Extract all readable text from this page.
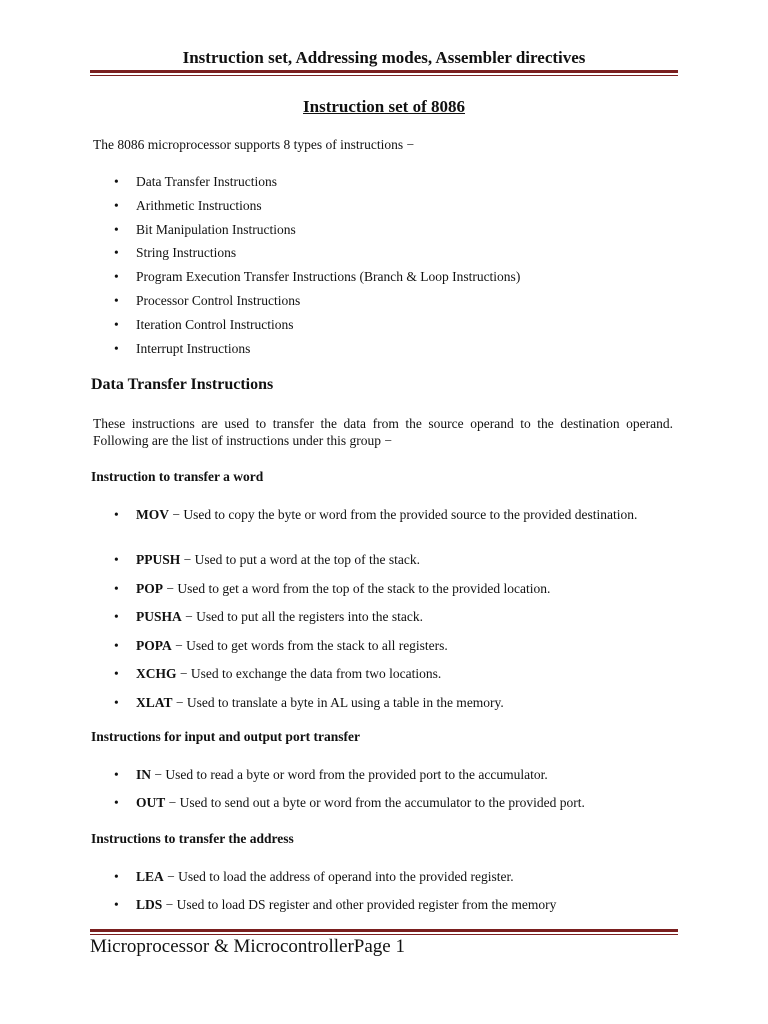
Instruction set, Addressing modes, Assembler directives
Instruction set of 8086
The 8086 microprocessor supports 8 types of instructions −
• Data Transfer Instructions
• Arithmetic Instructions
• Bit Manipulation Instructions
• String Instructions
• Program Execution Transfer Instructions (Branch & Loop Instructions)
• Processor Control Instructions
• Iteration Control Instructions
• Interrupt Instructions
Data Transfer Instructions
These instructions are used to transfer the data from the source operand to the destination operand. Following are the list of instructions under this group −
Instruction to transfer a word
• MOV − Used to copy the byte or word from the provided source to the provided destination.
• PPUSH − Used to put a word at the top of the stack.
• POP − Used to get a word from the top of the stack to the provided location.
• PUSHA − Used to put all the registers into the stack.
• POPA − Used to get words from the stack to all registers.
• XCHG − Used to exchange the data from two locations.
• XLAT − Used to translate a byte in AL using a table in the memory.
Instructions for input and output port transfer
• IN − Used to read a byte or word from the provided port to the accumulator.
• OUT − Used to send out a byte or word from the accumulator to the provided port.
Instructions to transfer the address
• LEA − Used to load the address of operand into the provided register.
• LDS − Used to load DS register and other provided register from the memory
Microprocessor & MicrocontrollerPage 1
